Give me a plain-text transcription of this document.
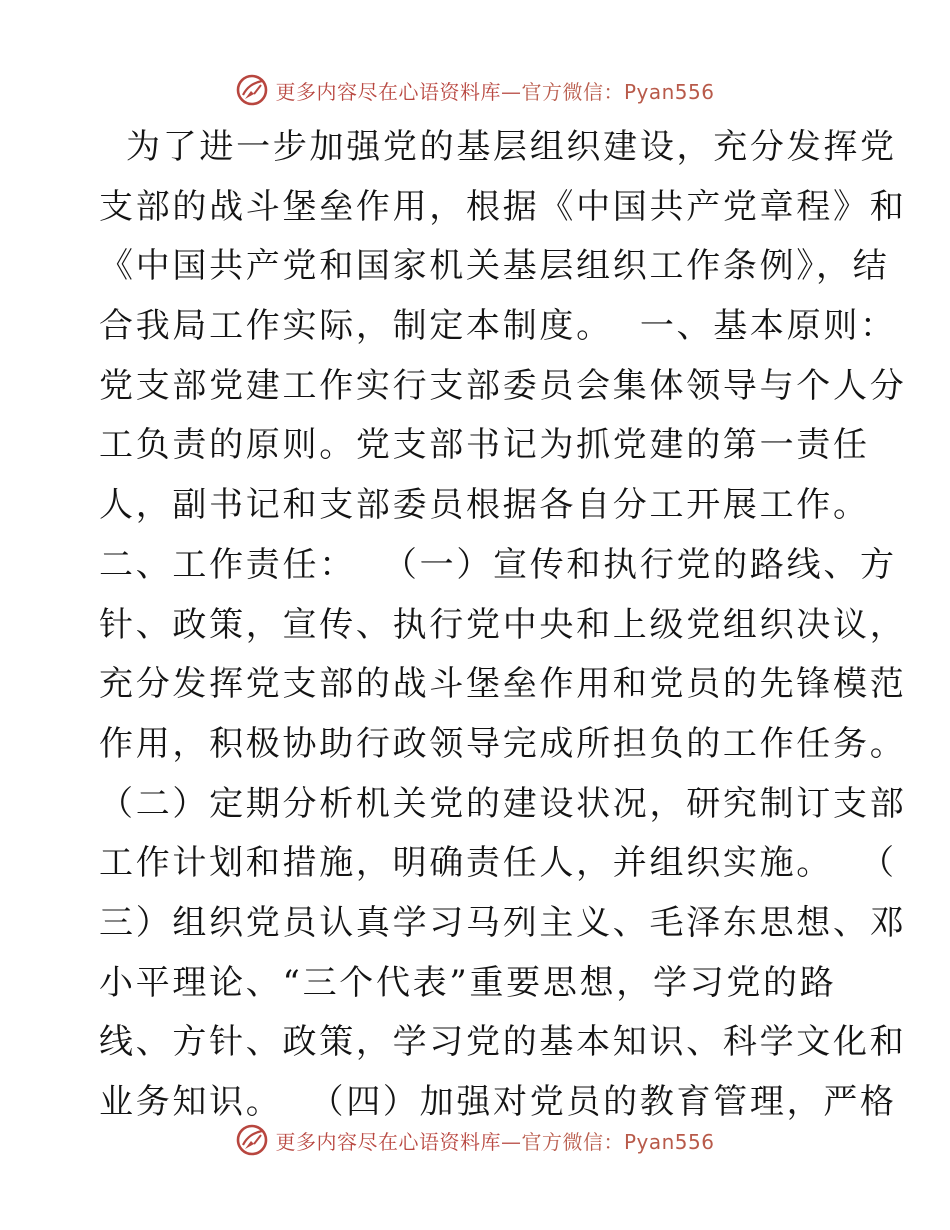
更多内容尽在心语资料库—官方微信：Pyan556
为了进一步加强党的基层组织建设，充分发挥党
支部的战斗堡垒作用，根据《中国共产党章程》和
《中国共产党和国家机关基层组织工作条例》，结
合我局工作实际，制定本制度。  一、基本原则：
党支部党建工作实行支部委员会集体领导与个人分
工负责的原则。党支部书记为抓党建的第一责任
人，副书记和支部委员根据各自分工开展工作。
二、工作责任：  （一）宣传和执行党的路线、方
针、政策，宣传、执行党中央和上级党组织决议，
充分发挥党支部的战斗堡垒作用和党员的先锋模范
作用，积极协助行政领导完成所担负的工作任务。
（二）定期分析机关党的建设状况，研究制订支部
工作计划和措施，明确责任人，并组织实施。  （
三）组织党员认真学习马列主义、毛泽东思想、邓
小平理论、“三个代表”重要思想，学习党的路
线、方针、政策，学习党的基本知识、科学文化和
业务知识。  （四）加强对党员的教育管理，严格
更多内容尽在心语资料库—官方微信：Pyan556
